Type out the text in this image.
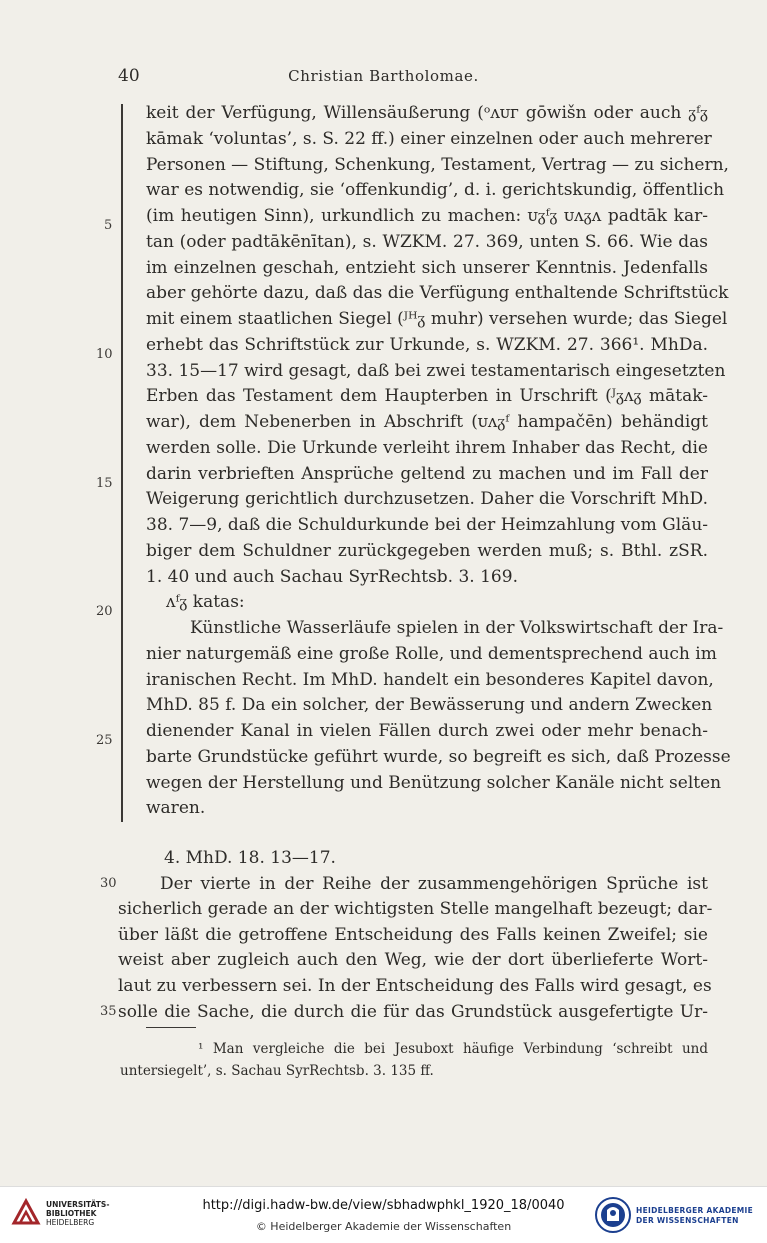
40	Christian Bartholomae.
keit der Verfügung, Willensäußerung (ᵒᴧᴜᴦ gōwišn oder auch ᵹᶠᵹ
kāmak ‘voluntas’, s. S. 22 ff.) einer einzelnen oder auch mehrerer
Personen — Stiftung, Schenkung, Testament, Vertrag — zu sichern,
war es notwendig, sie ‘offenkundig’, d. i. gerichtskundig, öffentlich
(im heutigen Sinn), urkundlich zu machen: ᴜᵹᶠᵹ ᴜᴧᵹᴧ padtāk kar-
tan (oder padtākēnītan), s. WZKM. 27. 369, unten S. 66. Wie das
im einzelnen geschah, entzieht sich unserer Kenntnis. Jedenfalls
aber gehörte dazu, daß das die Verfügung enthaltende Schriftstück
mit einem staatlichen Siegel (ᴶᴴᵹ muhr) versehen wurde; das Siegel
erhebt das Schriftstück zur Urkunde, s. WZKM. 27. 366¹. MhDa.
33. 15—17 wird gesagt, daß bei zwei testamentarisch eingesetzten
Erben das Testament dem Haupterben in Urschrift (ᴶᵹᴧᵹ mātak-
war), dem Nebenerben in Abschrift (ᴜᴧᵹᶠ hampačēn) behändigt
werden solle. Die Urkunde verleiht ihrem Inhaber das Recht, die
darin verbrieften Ansprüche geltend zu machen und im Fall der
Weigerung gerichtlich durchzusetzen. Daher die Vorschrift MhD.
38. 7—9, daß die Schuldurkunde bei der Heimzahlung vom Gläu-
biger dem Schuldner zurückgegeben werden muß; s. Bthl. zSR.
1. 40 und auch Sachau SyrRechtsb. 3. 169.
ᴧᶠᵹ katas:
Künstliche Wasserläufe spielen in der Volkswirtschaft der Ira-
nier naturgemäß eine große Rolle, und dementsprechend auch im
iranischen Recht. Im MhD. handelt ein besonderes Kapitel davon,
MhD. 85 f. Da ein solcher, der Bewässerung und andern Zwecken
dienender Kanal in vielen Fällen durch zwei oder mehr benach-
barte Grundstücke geführt wurde, so begreift es sich, daß Prozesse
wegen der Herstellung und Benützung solcher Kanäle nicht selten
waren.
4. MhD. 18. 13—17.
Der vierte in der Reihe der zusammengehörigen Sprüche ist
sicherlich gerade an der wichtigsten Stelle mangelhaft bezeugt; dar-
über läßt die getroffene Entscheidung des Falls keinen Zweifel; sie
weist aber zugleich auch den Weg, wie der dort überlieferte Wort-
laut zu verbessern sei. In der Entscheidung des Falls wird gesagt, es
solle die Sache, die durch die für das Grundstück ausgefertigte Ur-
5
10
15
20
25
30
35
¹ Man vergleiche die bei Jesuboxt häufige Verbindung ‘schreibt und
untersiegelt’, s. Sachau SyrRechtsb. 3. 135 ff.
UNIVERSITÄTS-
BIBLIOTHEK
HEIDELBERG
http://digi.hadw-bw.de/view/sbhadwphkl_1920_18/0040
© Heidelberger Akademie der Wissenschaften
HEIDELBERGER AKADEMIE
DER WISSENSCHAFTEN
